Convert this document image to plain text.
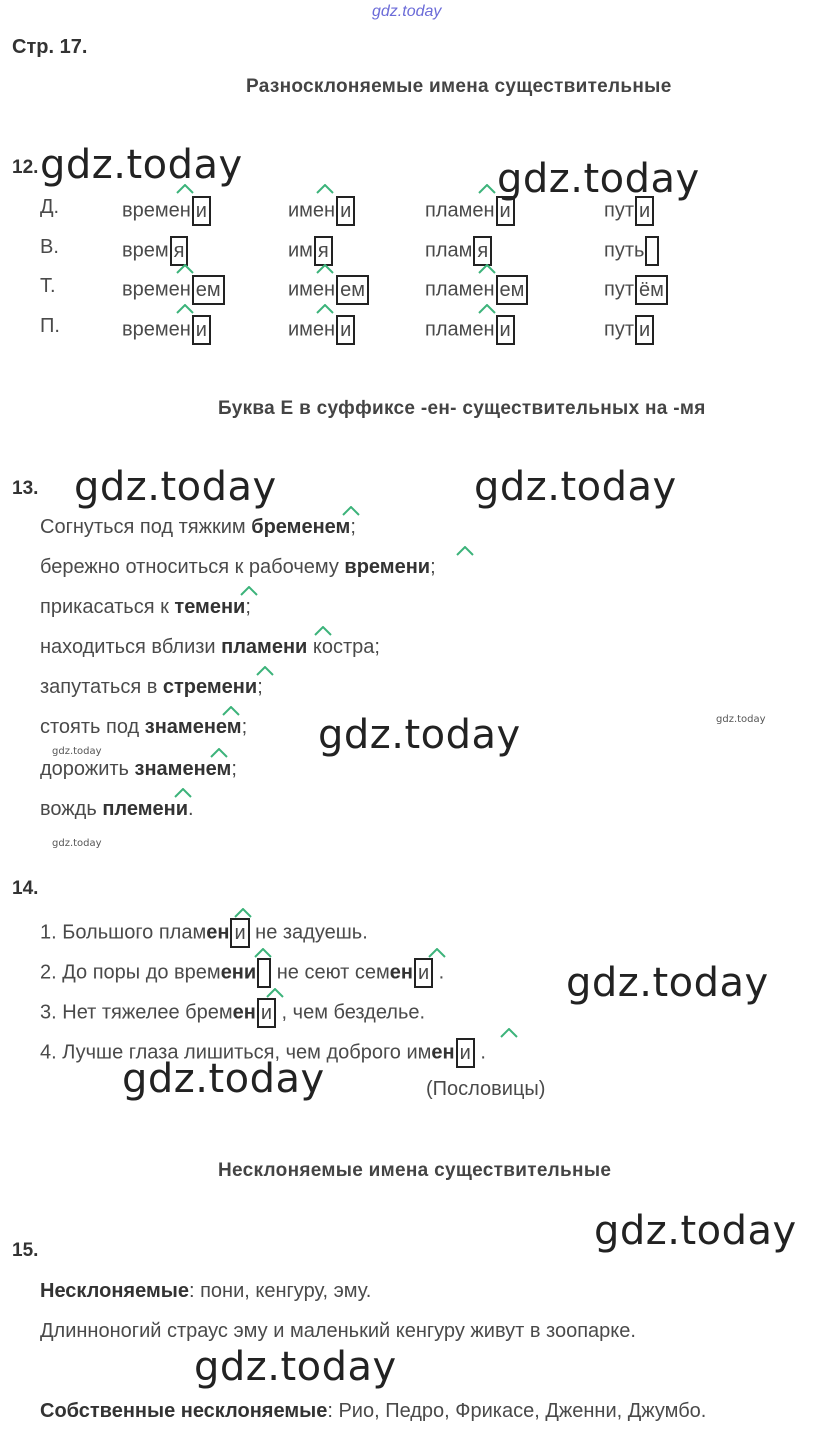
gdz.today
Стр. 17.
Разносклоняемые имена существительные
12. gdz.today	gdz.today
Д.	времен и	имен и	пламен и	пут и
В.	врем я	им я	плам я	путь
Т.	времен ем	имен ем	пламен ем	пут ём
П.	времен и	имен и	пламен и	пут и
Буква Е в суффиксе -ен- существительных на -мя
13. gdz.today	gdz.today
Согнуться под тяжким бременем;
бережно относиться к рабочему времени;
прикасаться к темени;
находиться вблизи пламени костра;
запутаться в стремени;
стоять под знаменем;
дорожить знаменем;
вождь племени.
gdz.today	gdz.today
gdz.today
gdz.today
14.
gdz.today
gdz.today
1. Большого пламен и не задуешь.
2. До поры до времени не сеют семен и .
3. Нет тяжелее бремен и , чем безделье.
4. Лучше глаза лишиться, чем доброго имен и .
(Пословицы)
Несклоняемые имена существительные
gdz.today
15.
Несклоняемые: пони, кенгуру, эму.
Длинноногий страус эму и маленький кенгуру живут в зоопарке.
gdz.today
Собственные несклоняемые: Рио, Педро, Фрикасе, Дженни, Джумбо.
